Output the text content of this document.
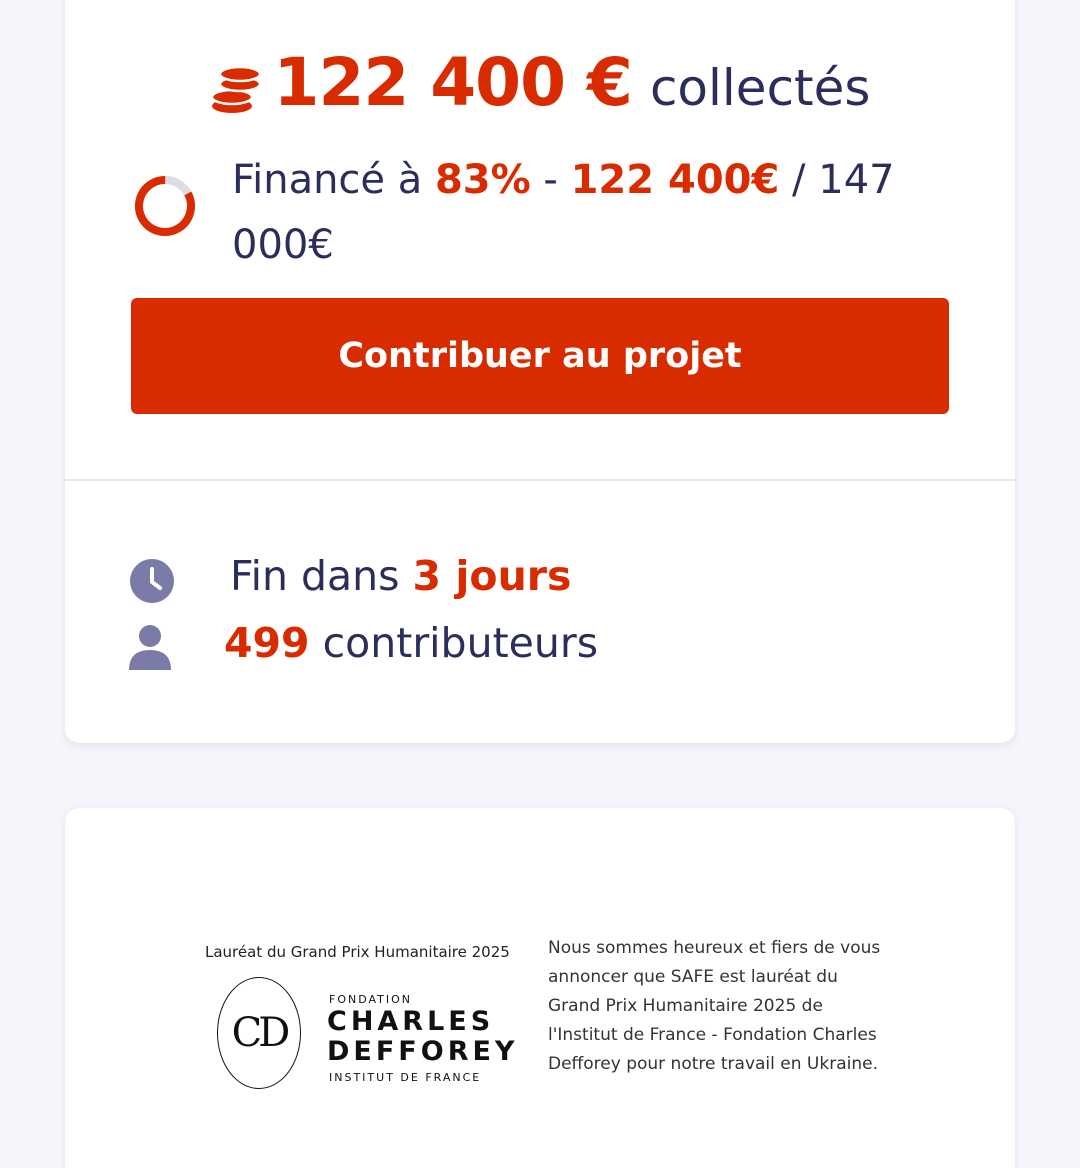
122 400 € collectés
Financé à 83% - 122 400€ / 147 000€
Contribuer au projet
Fin dans 3 jours
499 contributeurs
Lauréat du Grand Prix Humanitaire 2025
CD
FONDATION
CHARLES
DEFFOREY
INSTITUT DE FRANCE
Nous sommes heureux et fiers de vous annoncer que SAFE est lauréat du Grand Prix Humanitaire 2025 de l'Institut de France - Fondation Charles Defforey pour notre travail en Ukraine.
